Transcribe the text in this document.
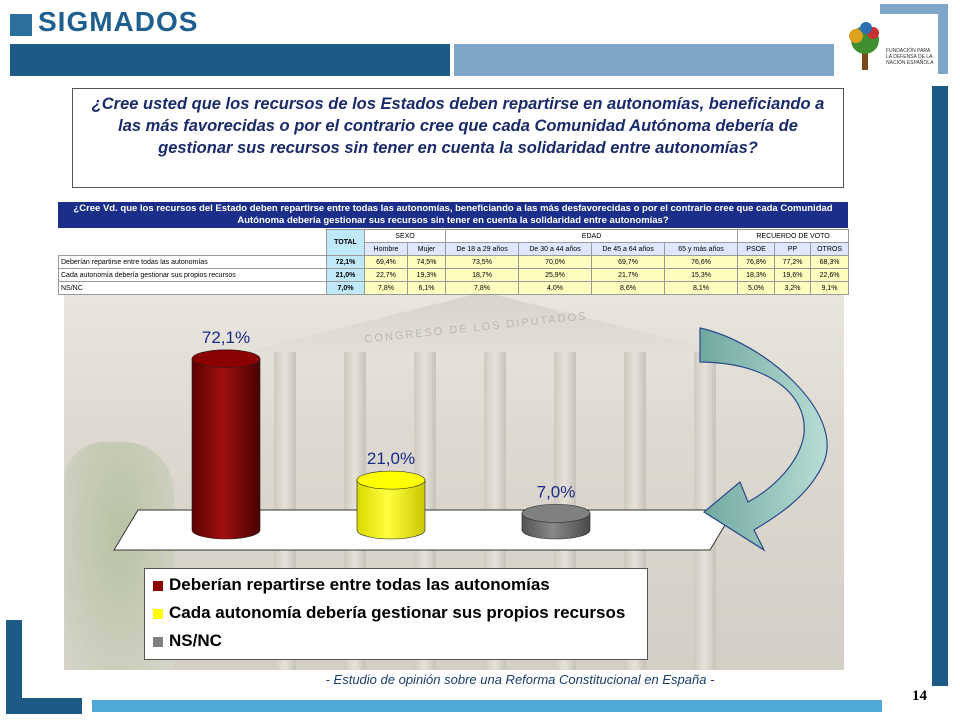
SIGMADOS
FUNDACIÓN PARA LA DEFENSA DE LA NACIÓN ESPAÑOLA
¿Cree usted que los recursos de los Estados deben repartirse en autonomías, beneficiando a las más favorecidas o por el contrario cree que cada Comunidad Autónoma debería de gestionar sus recursos sin tener en cuenta la solidaridad entre autonomías?
CONGRESO DE LOS DIPUTADOS
¿Cree Vd. que los recursos del Estado deben repartirse entre todas las autonomías, beneficiando a las más desfavorecidas o por el contrario cree que cada Comunidad Autónoma debería gestionar sus recursos sin tener en cuenta la solidaridad entre autonomías?
	TOTAL	SEXO		EDAD				RECUERDO DE VOTO		
		Hombre	Mujer	De 18 a 29 años	De 30 a 44 años	De 45 a 64 años	65 y más años	PSOE	PP	OTROS
Deberían repartirse entre todas las autonomías	72,1%	69,4%	74,5%	73,5%	70,0%	69,7%	76,6%	76,8%	77,2%	68,3%
Cada autonomía debería gestionar sus propios recursos	21,0%	22,7%	19,3%	18,7%	25,9%	21,7%	15,3%	18,3%	19,6%	22,6%
NS/NC	7,0%	7,8%	6,1%	7,8%	4,0%	8,6%	8,1%	5,0%	3,2%	9,1%
72,1%
21,0%
7,0%
Deberían repartirse entre todas las autonomías
Cada autonomía debería gestionar sus propios recursos
NS/NC
- Estudio de opinión sobre una Reforma Constitucional en España -
14
